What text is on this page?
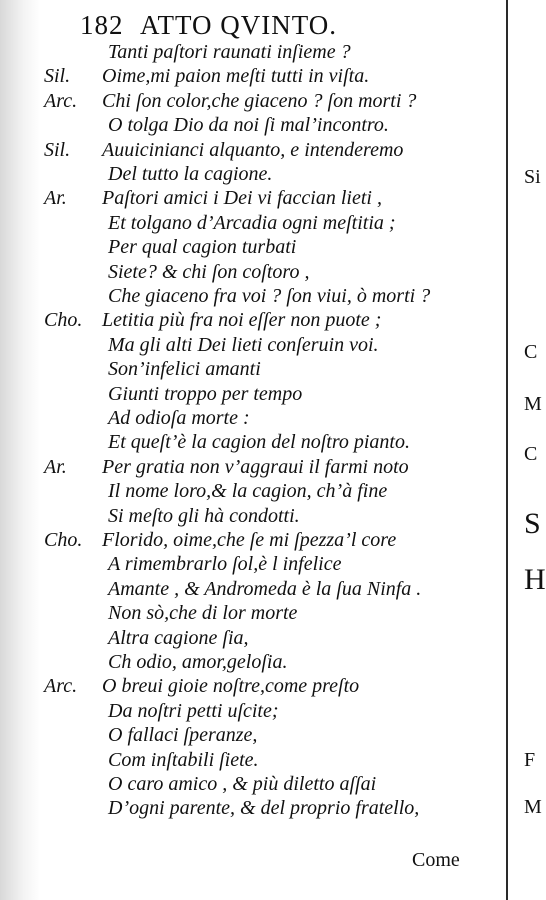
182 ATTO QVINTO.
Tanti paſtori raunati inſieme ?
Sil. Oime,mi paion meſti tutti in viſta.
Arc. Chi ſon color,che giaceno ? ſon morti ?
O tolga Dio da noi ſi mal’incontro.
Sil. Auuicinianci alquanto, e intenderemo
Del tutto la cagione.
Ar. Paſtori amici i Dei vi faccian lieti ,
Et tolgano d’Arcadia ogni meſtitia ;
Per qual cagion turbati
Siete? & chi ſon coſtoro ,
Che giaceno fra voi ? ſon viui, ò morti ?
Cho. Letitia più fra noi eſſer non puote ;
Ma gli alti Dei lieti conſeruin voi.
Son’infelici amanti
Giunti troppo per tempo
Ad odioſa morte :
Et queſt’è la cagion del noſtro pianto.
Ar. Per gratia non v’aggraui il farmi noto
Il nome loro,& la cagion, ch’à fine
Si meſto gli hà condotti.
Cho. Florido, oime,che ſe mi ſpezza’l core
A rimembrarlo ſol,è l infelice
Amante , & Andromeda è la ſua Ninfa .
Non sò,che di lor morte
Altra cagione ſia,
Ch odio, amor,geloſia.
Arc. O breui gioie noſtre,come preſto
Da noſtri petti uſcite;
O fallaci ſperanze,
Com inſtabili ſiete.
O caro amico , & più diletto aſſai
D’ogni parente, & del proprio fratello,
Come
Si
C
M
C
S
H
F
M
